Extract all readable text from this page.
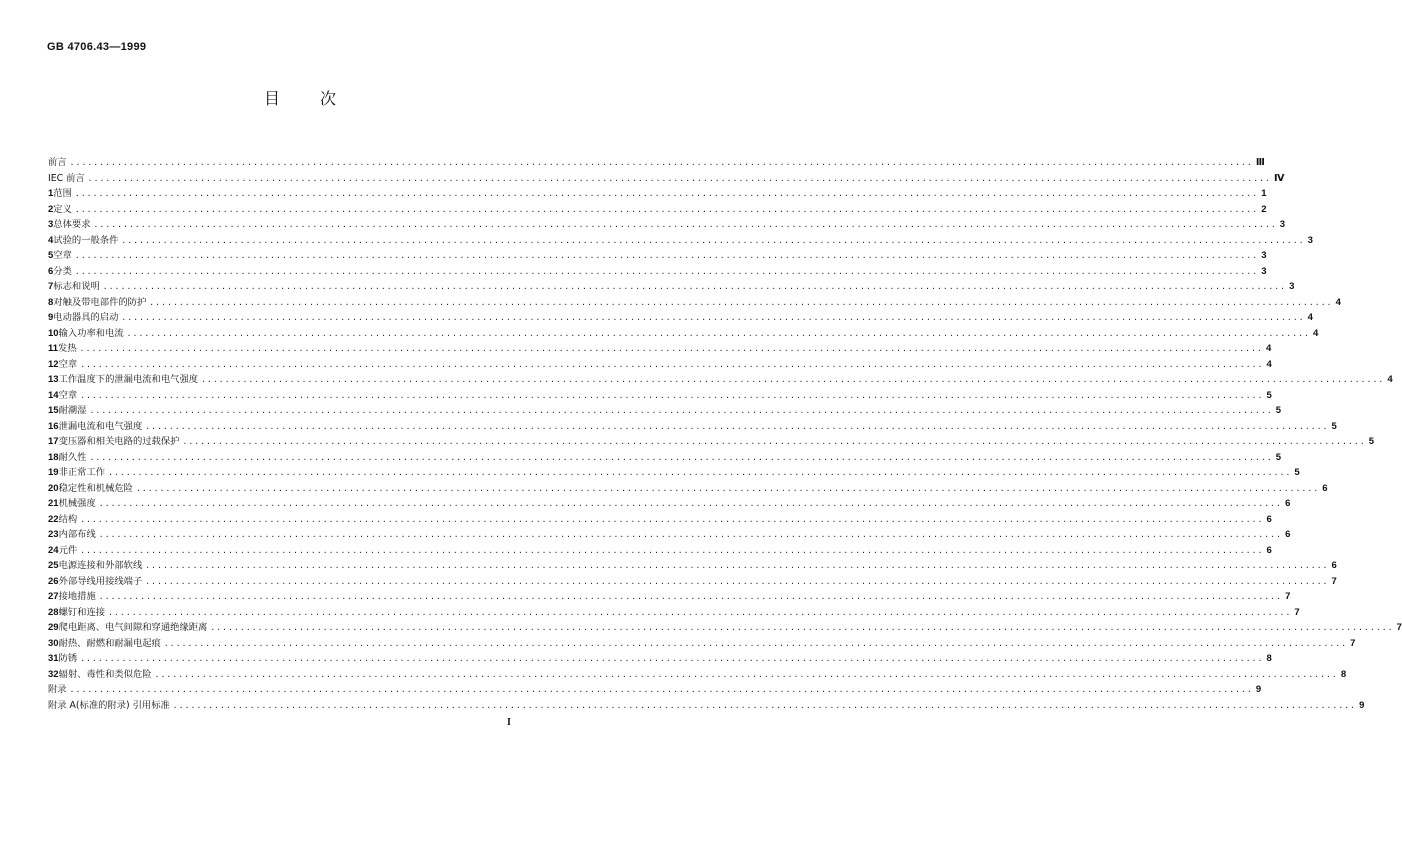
GB 4706.43—1999
目次
前言 ........................................................................................................................................................................................................ Ⅲ
IEC 前言 ........................................................................................................................................................................................................ Ⅳ
1 范围 ........................................................................................................................................................................................................ 1
2 定义 ........................................................................................................................................................................................................ 2
3 总体要求 ........................................................................................................................................................................................................ 3
4 试验的一般条件 ........................................................................................................................................................................................................ 3
5 空章 ........................................................................................................................................................................................................ 3
6 分类 ........................................................................................................................................................................................................ 3
7 标志和说明 ........................................................................................................................................................................................................ 3
8 对触及带电部件的防护 ........................................................................................................................................................................................................ 4
9 电动器具的启动 ........................................................................................................................................................................................................ 4
10 输入功率和电流 ........................................................................................................................................................................................................ 4
11 发热 ........................................................................................................................................................................................................ 4
12 空章 ........................................................................................................................................................................................................ 4
13 工作温度下的泄漏电流和电气强度 ........................................................................................................................................................................................................ 4
14 空章 ........................................................................................................................................................................................................ 5
15 耐潮湿 ........................................................................................................................................................................................................ 5
16 泄漏电流和电气强度 ........................................................................................................................................................................................................ 5
17 变压器和相关电路的过载保护 ........................................................................................................................................................................................................ 5
18 耐久性 ........................................................................................................................................................................................................ 5
19 非正常工作 ........................................................................................................................................................................................................ 5
20 稳定性和机械危险 ........................................................................................................................................................................................................ 6
21 机械强度 ........................................................................................................................................................................................................ 6
22 结构 ........................................................................................................................................................................................................ 6
23 内部布线 ........................................................................................................................................................................................................ 6
24 元件 ........................................................................................................................................................................................................ 6
25 电源连接和外部软线 ........................................................................................................................................................................................................ 6
26 外部导线用接线端子 ........................................................................................................................................................................................................ 7
27 接地措施 ........................................................................................................................................................................................................ 7
28 螺钉和连接 ........................................................................................................................................................................................................ 7
29 爬电距离、电气间隙和穿通绝缘距离 ........................................................................................................................................................................................................ 7
30 耐热、耐燃和耐漏电起痕 ........................................................................................................................................................................................................ 7
31 防锈 ........................................................................................................................................................................................................ 8
32 辐射、毒性和类似危险 ........................................................................................................................................................................................................ 8
附录 ........................................................................................................................................................................................................ 9
附录 A(标准的附录) 引用标准 ........................................................................................................................................................................................................ 9
I
